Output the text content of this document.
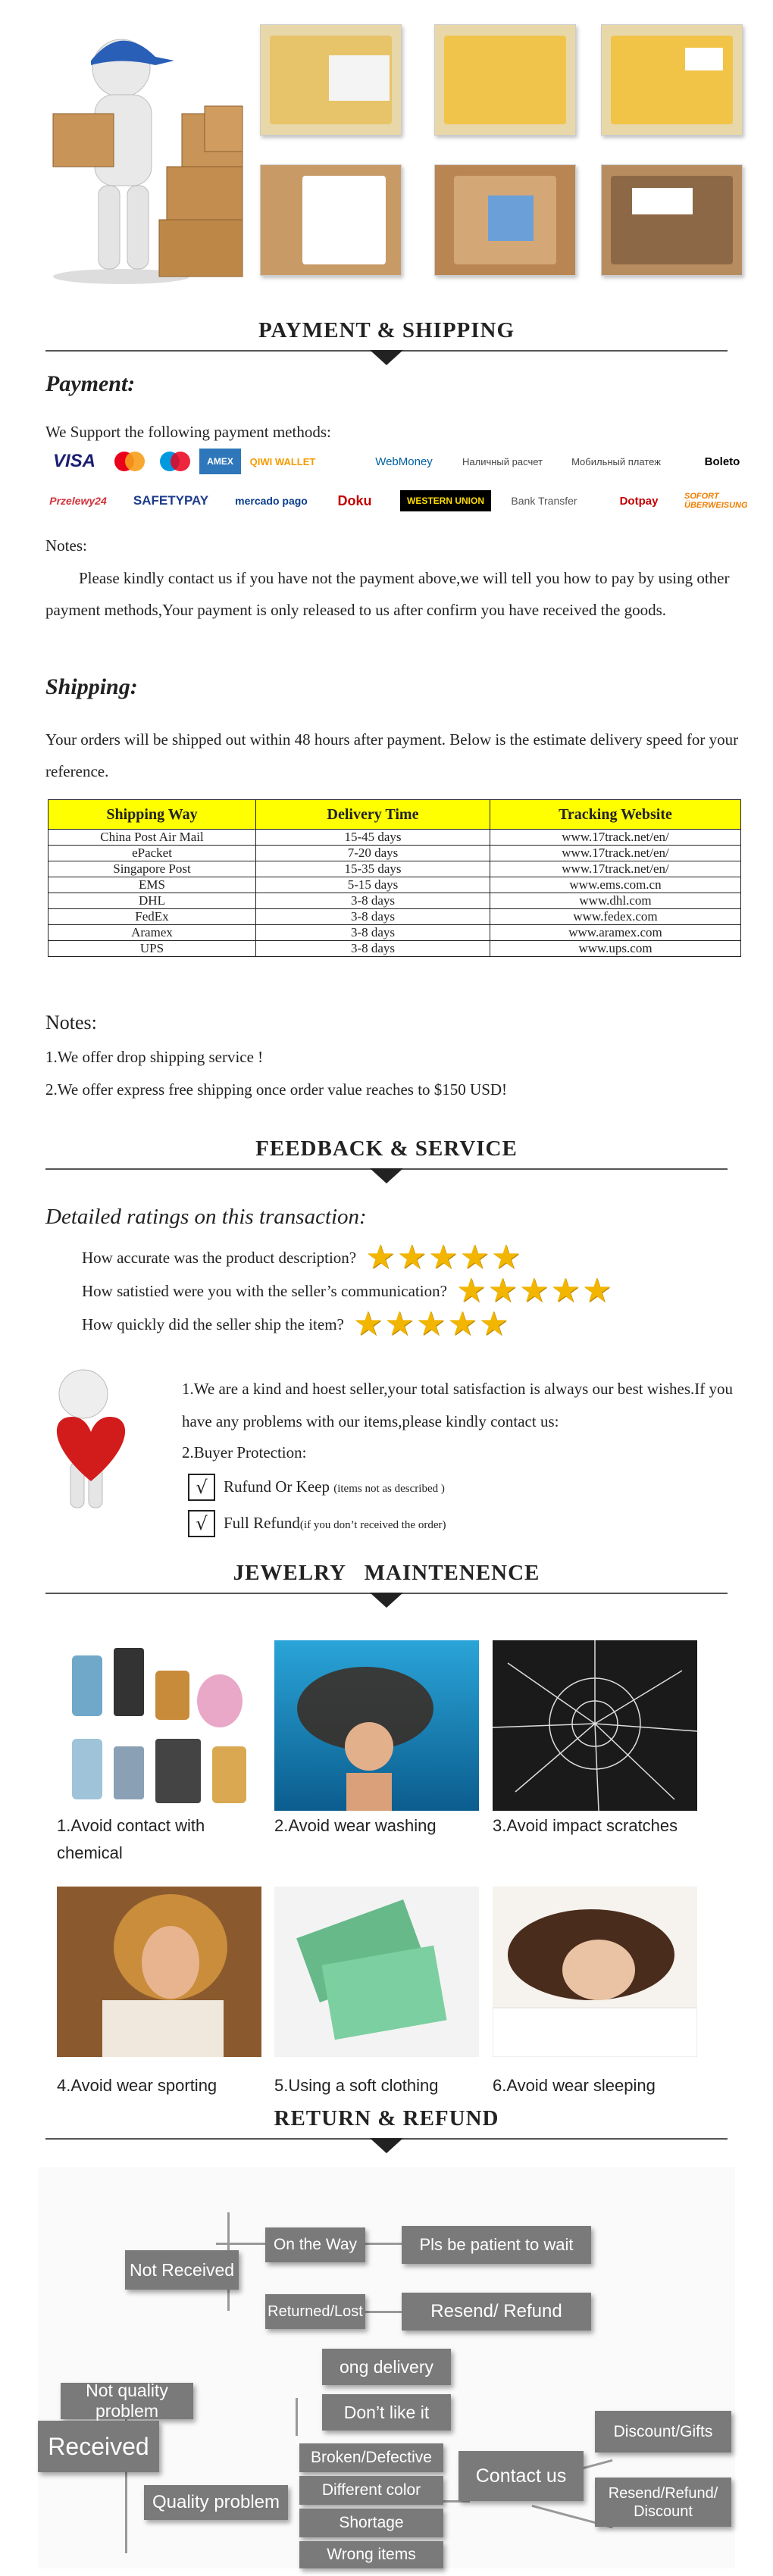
PAYMENT & SHIPPING
Payment:
We Support the following payment methods:
VISA	AMEX	QIWI WALLET	WebMoney	Наличный расчет	Мобильный платеж	Boleto
Przelewy24	SAFETYPAY	mercado pago	Doku	WESTERN UNION	Bank Transfer	Dotpay	SOFORT ÜBERWEISUNG
Notes:
Please kindly contact us if you have not the payment above,we will tell you how to pay by using other payment methods,Your payment is only released to us after confirm you have received the goods.
Shipping:
Your orders will be shipped out within 48 hours after payment. Below is the estimate delivery speed for your reference.
Shipping Way	Delivery Time	Tracking Website
China Post Air Mail	15-45 days	www.17track.net/en/
ePacket	7-20 days	www.17track.net/en/
Singapore Post	15-35 days	www.17track.net/en/
EMS	5-15 days	www.ems.com.cn
DHL	3-8 days	www.dhl.com
FedEx	3-8 days	www.fedex.com
Aramex	3-8 days	www.aramex.com
UPS	3-8 days	www.ups.com
Notes:
1.We offer drop shipping service !
2.We offer express free shipping once order value reaches to $150 USD!
FEEDBACK & SERVICE
Detailed ratings on this transaction:
How accurate was the product description? ★★★★★
How satistied were you with the seller’s communication? ★★★★★
How quickly did the seller ship the item? ★★★★★
1.We are a kind and hoest seller,your total satisfaction is always our best wishes.If you have any problems with our items,please kindly contact us:
2.Buyer Protection:
√	Rufund Or Keep (items not as described )
√	Full Refund(if you don’t received the order)
JEWELRY   MAINTENENCE
1.Avoid contact with chemical
2.Avoid wear washing	3.Avoid impact scratches
4.Avoid wear sporting	5.Using a soft clothing	6.Avoid wear sleeping
RETURN & REFUND
Not Received
On the Way	Pls be patient to wait
Returned/Lost	Resend/ Refund
Not quality problem
ong delivery
Don’t like it
Received
Quality problem
Broken/Defective
Different color
Shortage
Wrong items
Contact us
Discount/Gifts
Resend/Refund/ Discount
